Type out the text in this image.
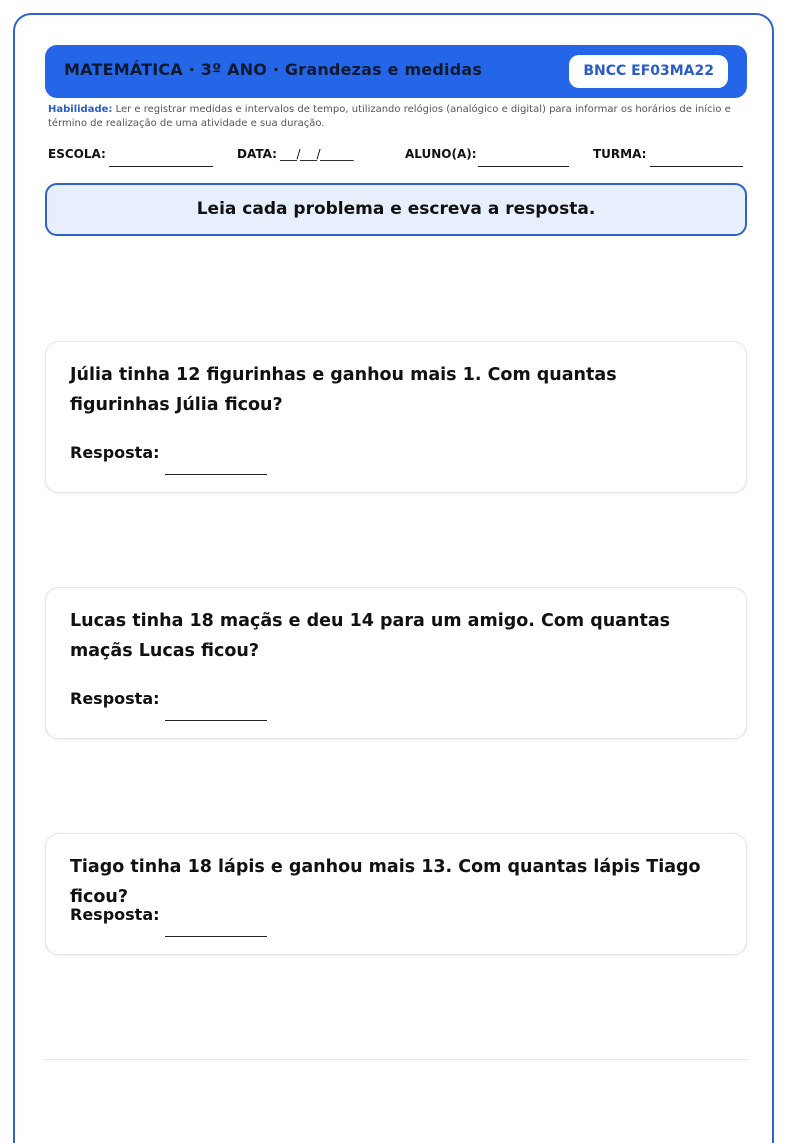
MATEMÁTICA · 3º ANO · Grandezas e medidas	BNCC EF03MA22
Habilidade: Ler e registrar medidas e intervalos de tempo, utilizando relógios (analógico e digital) para informar os horários de início e término de realização de uma atividade e sua duração.
ESCOLA:	DATA: ___/___/______	ALUNO(A):	TURMA:
Leia cada problema e escreva a resposta.
Júlia tinha 12 figurinhas e ganhou mais 1. Com quantas figurinhas Júlia ficou?
Resposta:
Lucas tinha 18 maçãs e deu 14 para um amigo. Com quantas maçãs Lucas ficou?
Resposta:
Tiago tinha 18 lápis e ganhou mais 13. Com quantas lápis Tiago ficou?
Resposta:
